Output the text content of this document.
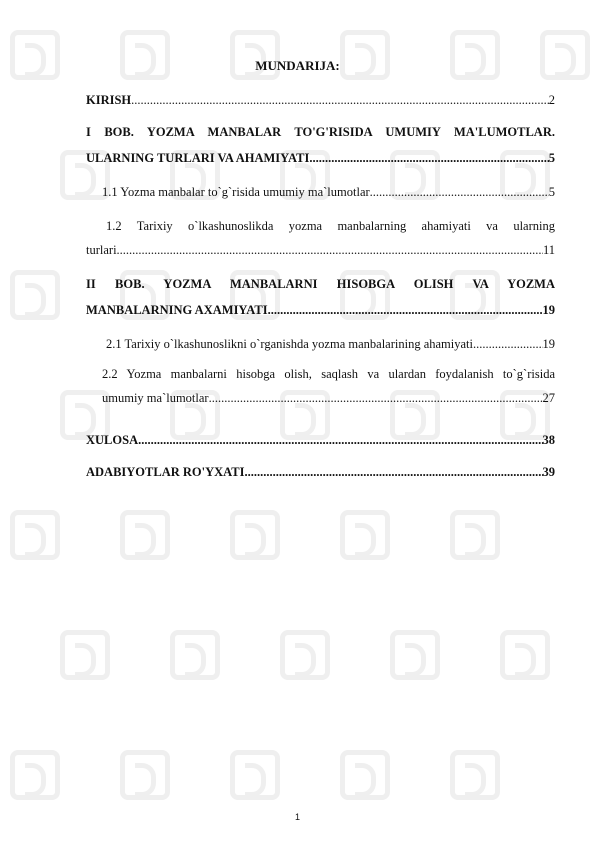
MUNDARIJA:
KIRISH .....	2
I BOB. YOZMA MANBALAR TO'G'RISIDA UMUMIY MA'LUMOTLAR.
ULARNING TURLARI VA AHAMIYATI .....	5
1.1 Yozma manbalar to`g`risida umumiy ma`lumotlar .....	5
1.2 Tarixiy o`lkashunoslikda yozma manbalarning ahamiyati va ularning
turlari .....	11
II BOB. YOZMA MANBALARNI HISOBGA OLISH VA YOZMA
MANBALARNING AXAMIYATI .....	19
2.1 Tarixiy o`lkashunoslikni o`rganishda yozma manbalarining ahamiyati .....	19
2.2 Yozma manbalarni hisobga olish, saqlash va ulardan foydalanish to`g`risida
umumiy ma`lumotlar .....	27
XULOSA .....	38
ADABIYOTLAR RO'YXATI .....	39
1
